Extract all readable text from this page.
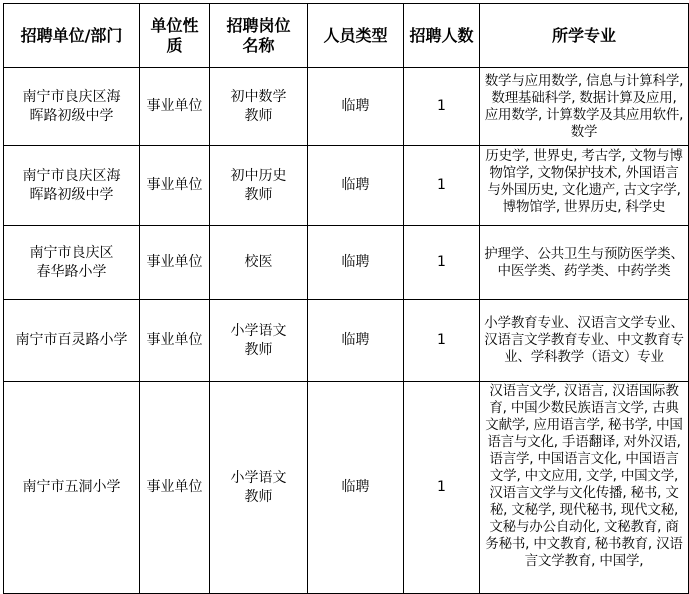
招聘单位/部门	单位性质	招聘岗位名称	人员类型	招聘人数	所学专业

南宁市良庆区海晖路初级中学	事业单位	初中数学教师	临聘	1	数学与应用数学, 信息与计算科学, 数理基础科学, 数据计算及应用, 应用数学, 计算数学及其应用软件, 数学

南宁市良庆区海晖路初级中学	事业单位	初中历史教师	临聘	1	历史学, 世界史, 考古学, 文物与博物馆学, 文物保护技术, 外国语言与外国历史, 文化遗产, 古文字学, 博物馆学, 世界历史, 科学史

南宁市良庆区春华路小学	事业单位	校医	临聘	1	护理学、公共卫生与预防医学类、中医学类、药学类、中药学类

南宁市百灵路小学	事业单位	小学语文教师	临聘	1	小学教育专业、汉语言文学专业、汉语言文学教育专业、中文教育专业、学科教学（语文）专业

南宁市五洞小学	事业单位	小学语文教师	临聘	1	汉语言文学, 汉语言, 汉语国际教育, 中国少数民族语言文学, 古典文献学, 应用语言学, 秘书学, 中国语言与文化, 手语翻译, 对外汉语, 语言学, 中国语言文化, 中国语言文学, 中文应用, 文学, 中国文学, 汉语言文学与文化传播, 秘书, 文秘, 文秘学, 现代秘书, 现代文秘, 文秘与办公自动化, 文秘教育, 商务秘书, 中文教育, 秘书教育, 汉语言文学教育, 中国学,
